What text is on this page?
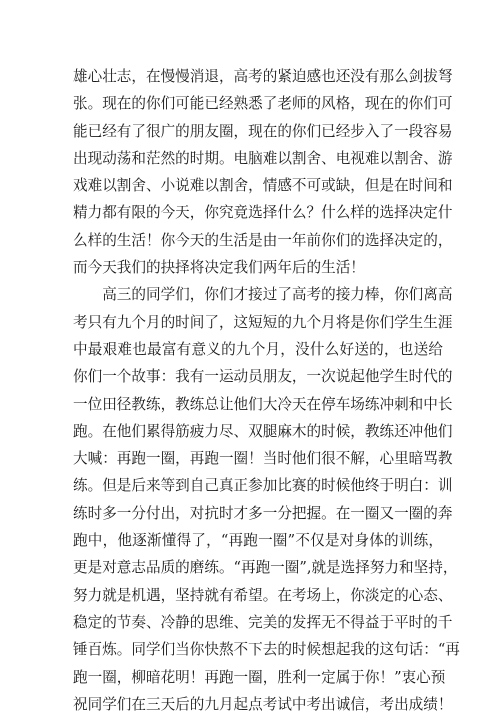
雄心壮志，在慢慢消退，高考的紧迫感也还没有那么剑拔弩
张。现在的你们可能已经熟悉了老师的风格，现在的你们可
能已经有了很广的朋友圈，现在的你们已经步入了一段容易
出现动荡和茫然的时期。电脑难以割舍、电视难以割舍、游
戏难以割舍、小说难以割舍，情感不可或缺，但是在时间和
精力都有限的今天，你究竟选择什么？什么样的选择决定什
么样的生活！你今天的生活是由一年前你们的选择决定的，
而今天我们的抉择将决定我们两年后的生活！
　　高三的同学们，你们才接过了高考的接力棒，你们离高
考只有九个月的时间了，这短短的九个月将是你们学生生涯
中最艰难也最富有意义的九个月，没什么好送的，也送给
你们一个故事：我有一运动员朋友，一次说起他学生时代的
一位田径教练，教练总让他们大冷天在停车场练冲刺和中长
跑。在他们累得筋疲力尽、双腿麻木的时候，教练还冲他们
大喊：再跑一圈，再跑一圈！当时他们很不解，心里暗骂教
练。但是后来等到自己真正参加比赛的时候他终于明白：训
练时多一分付出，对抗时才多一分把握。在一圈又一圈的奔
跑中，他逐渐懂得了，“再跑一圈”不仅是对身体的训练，
更是对意志品质的磨练。“再跑一圈”,就是选择努力和坚持，
努力就是机遇，坚持就有希望。在考场上，你淡定的心态、
稳定的节奏、冷静的思维、完美的发挥无不得益于平时的千
锤百炼。同学们当你快熬不下去的时候想起我的这句话：“再
跑一圈，柳暗花明！再跑一圈，胜利一定属于你！”衷心预
祝同学们在三天后的九月起点考试中考出诚信，考出成绩！
